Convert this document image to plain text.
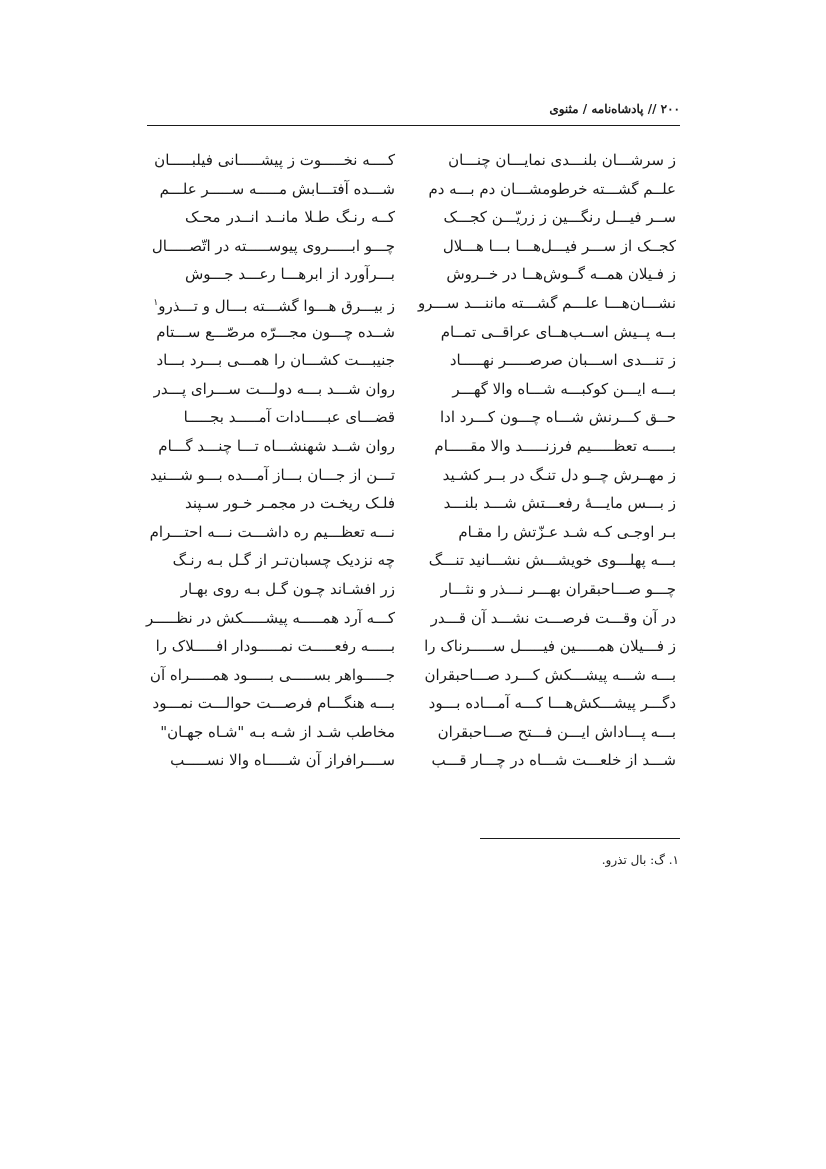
۲۰۰ // پادشاه‌نامه / مثنوی
ز سرشـــان بلنـــدی نمایـــان چنـــان
کــــه نخـــــوت ز پیشـــــانی فیلبـــــان
علــم گشـــته خرطومشـــان دم بـــه دم
شـــده آفتـــابش مـــــه ســـــر علـــم
ســر فیـــل رنگـــین ز زریّـــن کجـــک
کــه رنـگ طـلا مانــد انــدر محـک
کجــک از ســـر فیـــل‌هـــا بـــا هـــلال
چـــو ابـــــروی پیوســـــته در اتّصـــــال
ز فـیلان همــه گــوش‌هــا در خــروش
بـــرآورد از ابرهـــا رعـــد جـــوش
نشـــان‌هـــا علـــم گشـــته ماننـــد ســـرو
ز بیـــرق هـــوا گشـــته بـــال و تـــذرو$^۱$
بــه پــیش اســب‌هــای عراقــی تمــام
شــده چـــون مجـــرّه مرصّـــع ســـتام
ز تنـــدی اســـبان صرصـــــر نهـــــاد
جنیبـــت کشـــان را همـــی بـــرد بـــاد
بـــه ایـــن کوکبـــه شـــاه والا گهـــر
روان شـــد بـــه دولـــت ســـرای پـــدر
حــق کـــرنش شـــاه چـــون کـــرد ادا
قضـــای عبـــــادات آمـــــد بجـــــا
بـــــه تعظـــــیم فرزنـــــد والا مقـــــام
روان شــد شهنشـــاه تـــا چنـــد گـــام
ز مهــرش چــو دل تنـگ در بــر کشـید
تـــن از جـــان بـــاز آمـــده بـــو شـــنید
ز بـــس مایـــهٔ رفعـــتش شـــد بلنـــد
فلـک ریخـت در مجمـر خـور سـپند
بـر اوجـی کـه شـد عـزّتش را مقـام
نـــه تعظـــیم ره داشـــت نـــه احتـــرام
بـــه پهلـــوی خویشـــش نشـــانید تنـــگ
چه نزدیک چسبان‌تـر از گـل بـه رنـگ
چـــو صـــاحبقران بهـــر نـــذر و نثـــار
زر افشـاند چـون گـل بـه روی بهـار
در آن وقـــت فرصـــت نشـــد آن قـــدر
کـــه آرد همـــــه پیشـــــکش در نظـــــر
ز فـــیلان همـــــین فیـــــل ســـــرناک را
بـــــه رفعـــــت نمـــــودار افـــــلاک را
بـــه شـــه پیشـــکش کـــرد صـــاحبقران
جـــــواهر بســـــی بـــــود همـــــراه آن
دگـــر پیشـــکش‌هـــا کـــه آمـــاده بـــود
بـــه هنگـــام فرصـــت حوالـــت نمـــود
بـــه پـــاداش ایـــن فـــتح صـــاحبقران
مخاطب شـد از شـه بـه "شـاه جهـان"
شـــد از خلعـــت شـــاه در چـــار قـــب
ســــرافراز آن شـــــاه والا نســـــب
۱. گ: بال تذرو.
